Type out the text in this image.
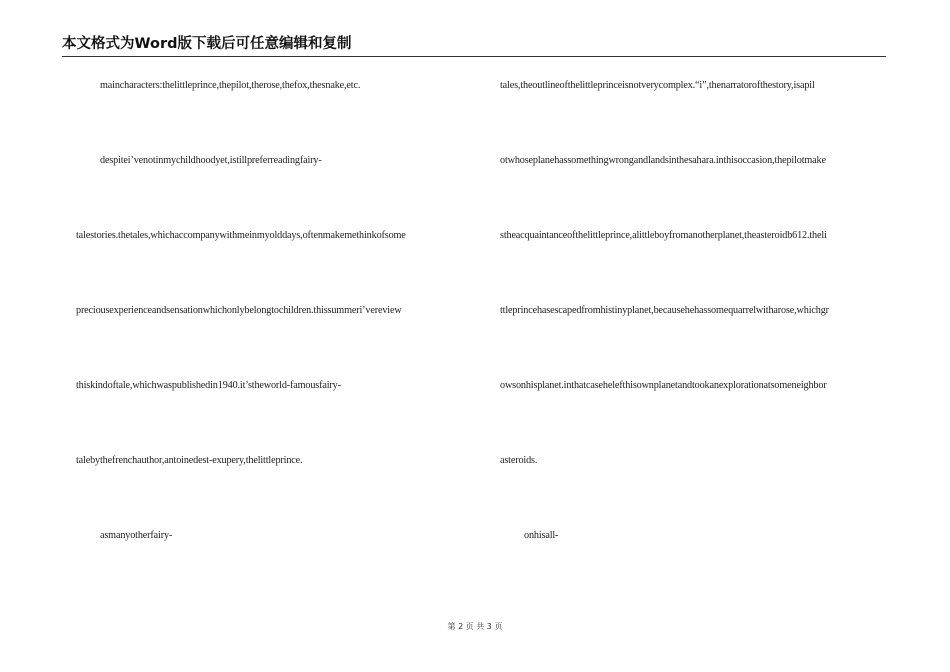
本文格式为Word版下载后可任意编辑和复制
maincharacters:thelittleprince,thepilot,therose,thefox,thesnake,etc.
despitei’venotinmychildhoodyet,istillpreferreadingfairy-
talestories.thetales,whichaccompanywithmeinmyolddays,oftenmakemethinkofsome
preciousexperienceandsensationwhichonlybelongtochildren.thissummeri’vereview
thiskindoftale,whichwaspublishedin1940.it’stheworld-famousfairy-
talebythefrenchauthor,antoinedest-exupery,thelittleprince.
asmanyotherfairy-
tales,theoutlineofthelittleprinceisnotverycomplex.“i”,thenarratorofthestory,isapil
otwhoseplanehassomethingwrongandlandsinthesahara.inthisoccasion,thepilotmake
stheacquaintanceofthelittleprince,alittleboyfromanotherplanet,theasteroidb612.theli
ttleprincehasescapedfromhistinyplanet,becausehehassomequarrelwitharose,whichgr
owsonhisplanet.inthatcasehelefthisownplanetandtookanexplorationatsomeneighbor
asteroids.
onhisall-
第 2 页 共 3 页
